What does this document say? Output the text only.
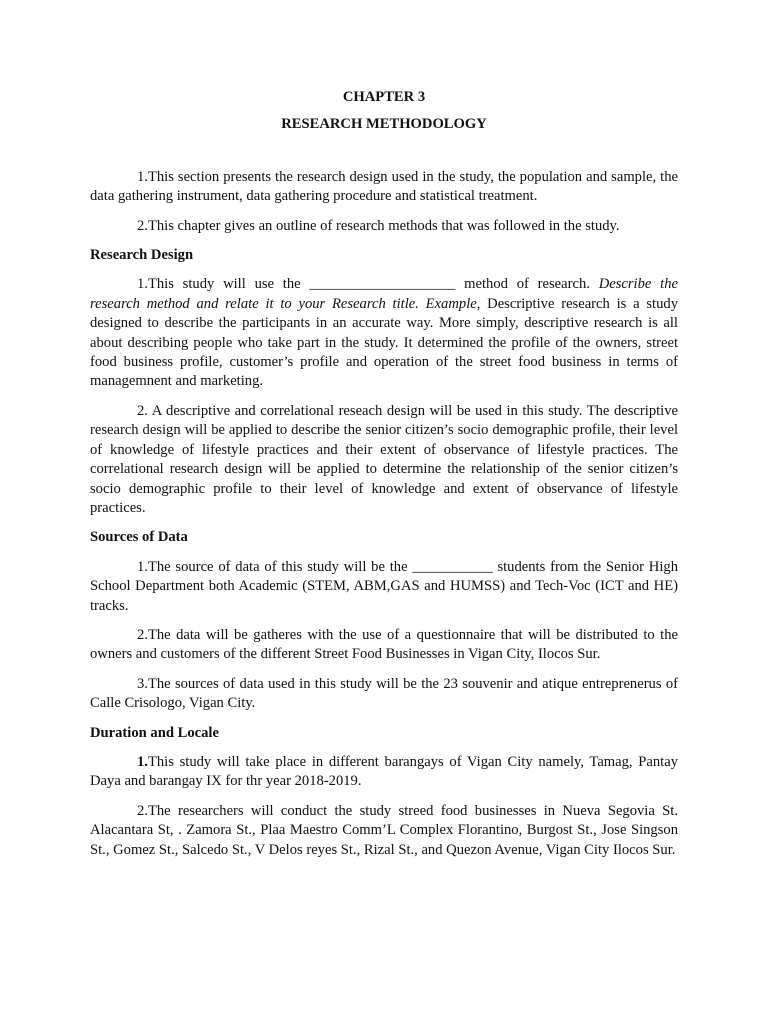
CHAPTER 3
RESEARCH METHODOLOGY

1.This section presents the research design used in the study, the population and sample, the data gathering instrument, data gathering procedure and statistical treatment.

2.This chapter gives an outline of research methods that was followed in the study.

Research Design

1.This study will use the ____________________ method of research. Describe the research method and relate it to your Research title. Example, Descriptive research is a study designed to describe the participants in an accurate way. More simply, descriptive research is all about describing people who take part in the study. It determined the profile of the owners, street food business profile, customer’s profile and operation of the street food business in terms of managemnent and marketing.

2. A descriptive and correlational reseach design will be used in this study. The descriptive research design will be applied to describe the senior citizen’s socio demographic profile, their level of knowledge of lifestyle practices and their extent of observance of lifestyle practices. The correlational research design will be applied to determine the relationship of the senior citizen’s socio demographic profile to their level of knowledge and extent of observance of lifestyle practices.

Sources of Data

1.The source of data of this study will be the ___________ students from the Senior High School Department both Academic (STEM, ABM,GAS and HUMSS) and Tech-Voc (ICT and HE) tracks.

2.The data will be gatheres with the use of a questionnaire that will be distributed to the owners and customers of the different Street Food Businesses in Vigan City, Ilocos Sur.

3.The sources of data used in this study will be the 23 souvenir and atique entreprenerus of Calle Crisologo, Vigan City.

Duration and Locale

1.This study will take place in different barangays of Vigan City namely, Tamag, Pantay Daya and barangay IX for thr year 2018-2019.

2.The researchers will conduct the study streed food businesses in Nueva Segovia St. Alacantara St, . Zamora St., Plaa Maestro Comm’L Complex Florantino, Burgost St., Jose Singson St., Gomez St., Salcedo St., V Delos reyes St., Rizal St., and Quezon Avenue, Vigan City Ilocos Sur.
